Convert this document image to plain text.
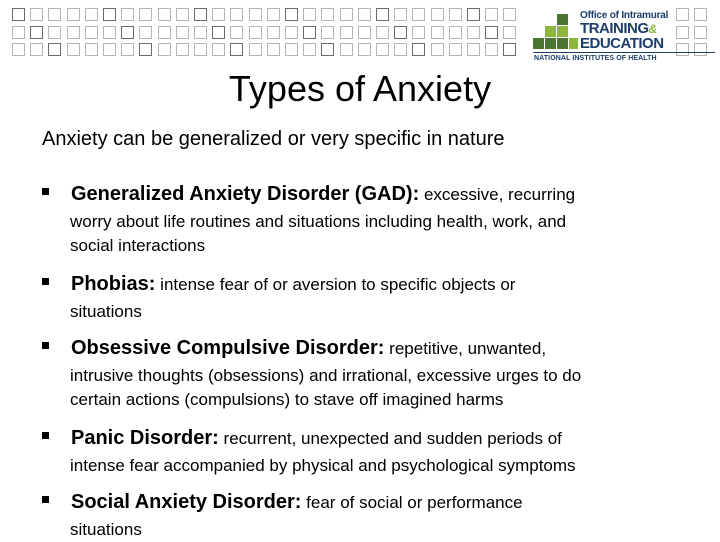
Office of Intramural
TRAINING&
EDUCATION
NATIONAL INSTITUTES OF HEALTH
Types of Anxiety
Anxiety can be generalized or very specific in nature
Generalized Anxiety Disorder (GAD): excessive, recurring
worry about life routines and situations including health, work, and
social interactions
Phobias: intense fear of or aversion to specific objects or
situations
Obsessive Compulsive Disorder: repetitive, unwanted,
intrusive thoughts (obsessions) and irrational, excessive urges to do
certain actions (compulsions) to stave off imagined harms
Panic Disorder: recurrent, unexpected and sudden periods of
intense fear accompanied by physical and psychological symptoms
Social Anxiety Disorder: fear of social or performance
situations
